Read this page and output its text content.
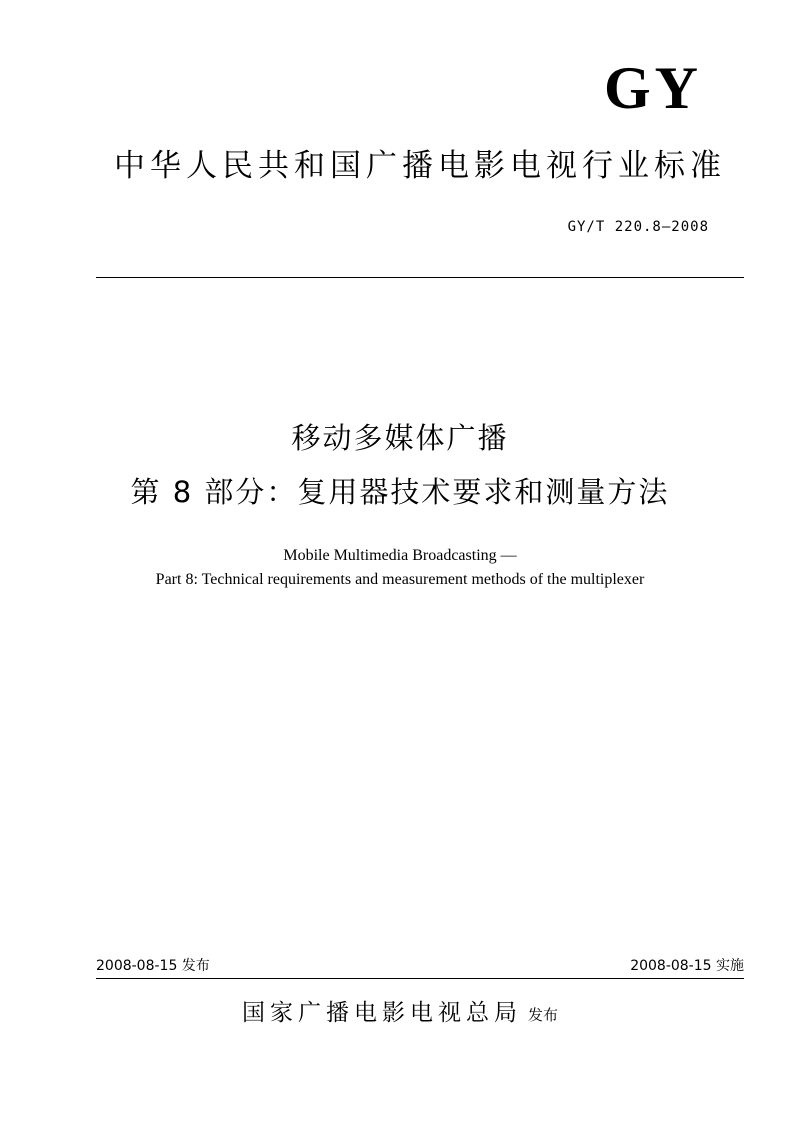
GY
中华人民共和国广播电影电视行业标准
GY/T 220.8—2008
移动多媒体广播
第 8 部分：复用器技术要求和测量方法
Mobile Multimedia Broadcasting —
Part 8: Technical requirements and measurement methods of the multiplexer
2008-08-15 发布	2008-08-15 实施
国家广播电影电视总局 发布
